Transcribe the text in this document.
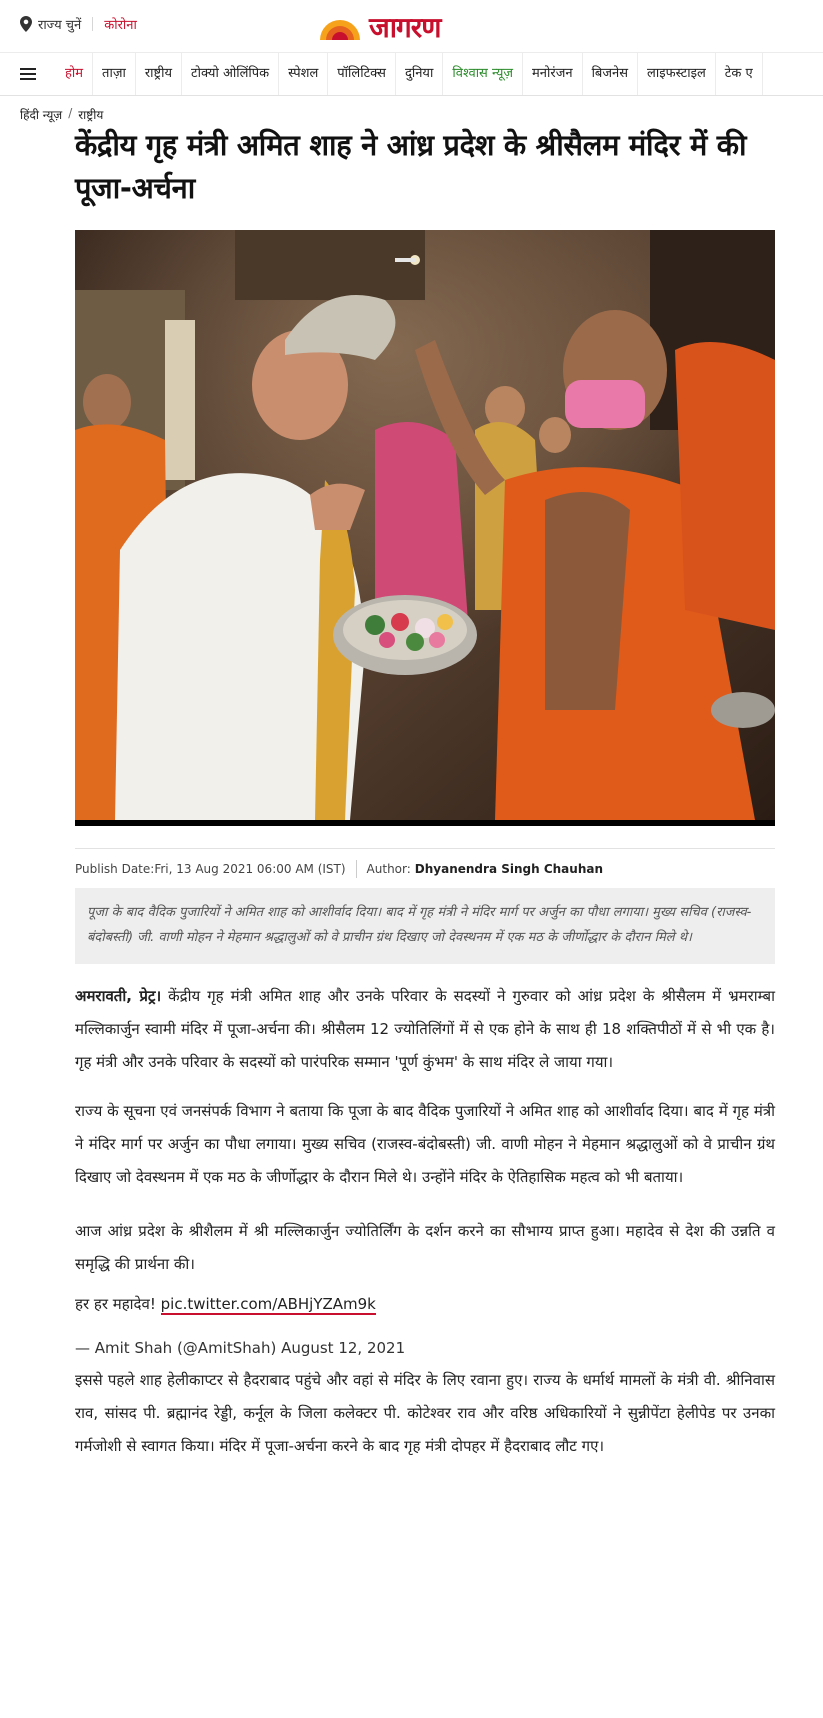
राज्य चुनें कोरोना	जागरण
होम	ताज़ा	राष्ट्रीय	टोक्यो ओलिंपिक	स्पेशल	पॉलिटिक्स	दुनिया	विश्वास न्यूज़	मनोरंजन	बिजनेस	लाइफस्टाइल	टेक ए
हिंदी न्यूज़ / राष्ट्रीय
केंद्रीय गृह मंत्री अमित शाह ने आंध्र प्रदेश के श्रीसैलम मंदिर में की पूजा-अर्चना
Publish Date: Fri, 13 Aug 2021 06:00 AM (IST) Author: Dhyanendra Singh Chauhan
पूजा के बाद वैदिक पुजारियों ने अमित शाह को आशीर्वाद दिया। बाद में गृह मंत्री ने मंदिर मार्ग पर अर्जुन का पौधा लगाया। मुख्य सचिव (राजस्व-बंदोबस्ती) जी. वाणी मोहन ने मेहमान श्रद्धालुओं को वे प्राचीन ग्रंथ दिखाए जो देवस्थनम में एक मठ के जीर्णोद्धार के दौरान मिले थे।

अमरावती, प्रेट्र। केंद्रीय गृह मंत्री अमित शाह और उनके परिवार के सदस्यों ने गुरुवार को आंध्र प्रदेश के श्रीसैलम में भ्रमराम्बा मल्लिकार्जुन स्वामी मंदिर में पूजा-अर्चना की। श्रीसैलम 12 ज्योतिलिंगों में से एक होने के साथ ही 18 शक्तिपीठों में से भी एक है। गृह मंत्री और उनके परिवार के सदस्यों को पारंपरिक सम्मान 'पूर्ण कुंभम' के साथ मंदिर ले जाया गया।

राज्य के सूचना एवं जनसंपर्क विभाग ने बताया कि पूजा के बाद वैदिक पुजारियों ने अमित शाह को आशीर्वाद दिया। बाद में गृह मंत्री ने मंदिर मार्ग पर अर्जुन का पौधा लगाया। मुख्य सचिव (राजस्व-बंदोबस्ती) जी. वाणी मोहन ने मेहमान श्रद्धालुओं को वे प्राचीन ग्रंथ दिखाए जो देवस्थनम में एक मठ के जीर्णोद्धार के दौरान मिले थे। उन्होंने मंदिर के ऐतिहासिक महत्व को भी बताया।

आज आंध्र प्रदेश के श्रीशैलम में श्री मल्लिकार्जुन ज्योतिर्लिंग के दर्शन करने का सौभाग्य प्राप्त हुआ। महादेव से देश की उन्नति व समृद्धि की प्रार्थना की।

हर हर महादेव! pic.twitter.com/ABHjYZAm9k
— Amit Shah (@AmitShah) August 12, 2021

इससे पहले शाह हेलीकाप्टर से हैदराबाद पहुंचे और वहां से मंदिर के लिए रवाना हुए। राज्य के धर्मार्थ मामलों के मंत्री वी. श्रीनिवास राव, सांसद पी. ब्रह्मानंद रेड्डी, कर्नूल के जिला कलेक्टर पी. कोटेश्वर राव और वरिष्ठ अधिकारियों ने सुन्नीपेंटा हेलीपेड पर उनका गर्मजोशी से स्वागत किया। मंदिर में पूजा-अर्चना करने के बाद गृह मंत्री दोपहर में हैदराबाद लौट गए।
